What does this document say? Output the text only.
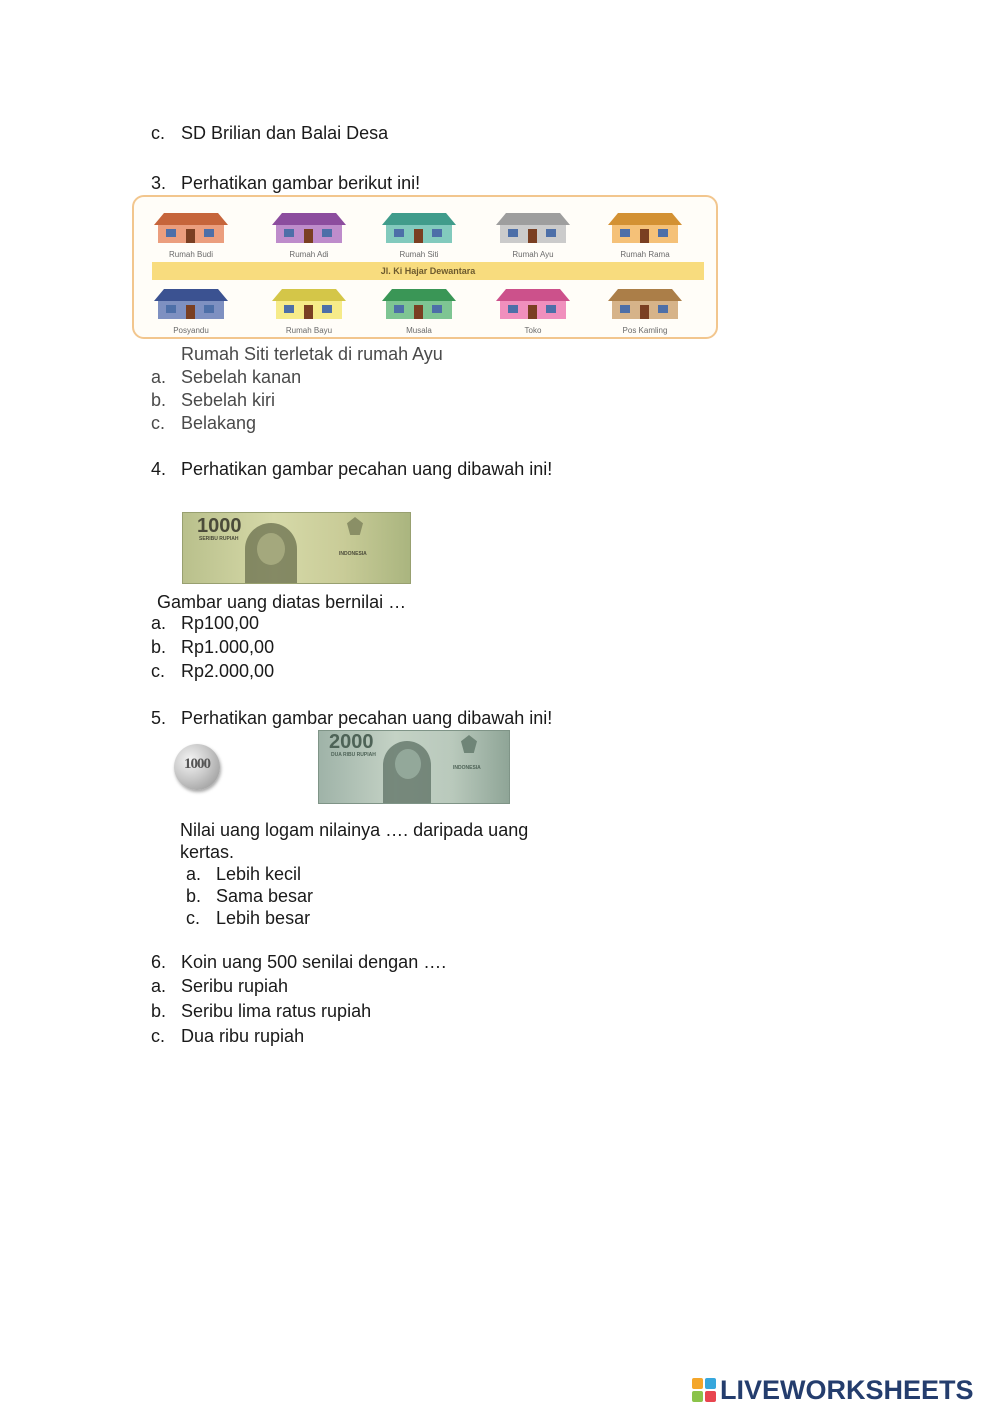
c. SD Brilian dan Balai Desa
3. Perhatikan gambar berikut ini!
Rumah Budi	Rumah Adi	Rumah Siti	Rumah Ayu	Rumah Rama
Jl. Ki Hajar Dewantara
Posyandu	Rumah Bayu	Musala	Toko	Pos Kamling
Rumah Siti terletak di rumah Ayu
a. Sebelah kanan
b. Sebelah kiri
c. Belakang
4. Perhatikan gambar pecahan uang dibawah ini!
1000
SERIBU RUPIAH
INDONESIA
Gambar uang diatas bernilai …
a. Rp100,00
b. Rp1.000,00
c. Rp2.000,00
5. Perhatikan gambar pecahan uang dibawah ini!
1000
2000
DUA RIBU RUPIAH
INDONESIA
Nilai uang logam nilainya …. daripada uang
kertas.
a. Lebih kecil
b. Sama besar
c. Lebih besar
6. Koin uang 500 senilai dengan ….
a. Seribu rupiah
b. Seribu lima ratus rupiah
c. Dua ribu rupiah
LIVEWORKSHEETS
